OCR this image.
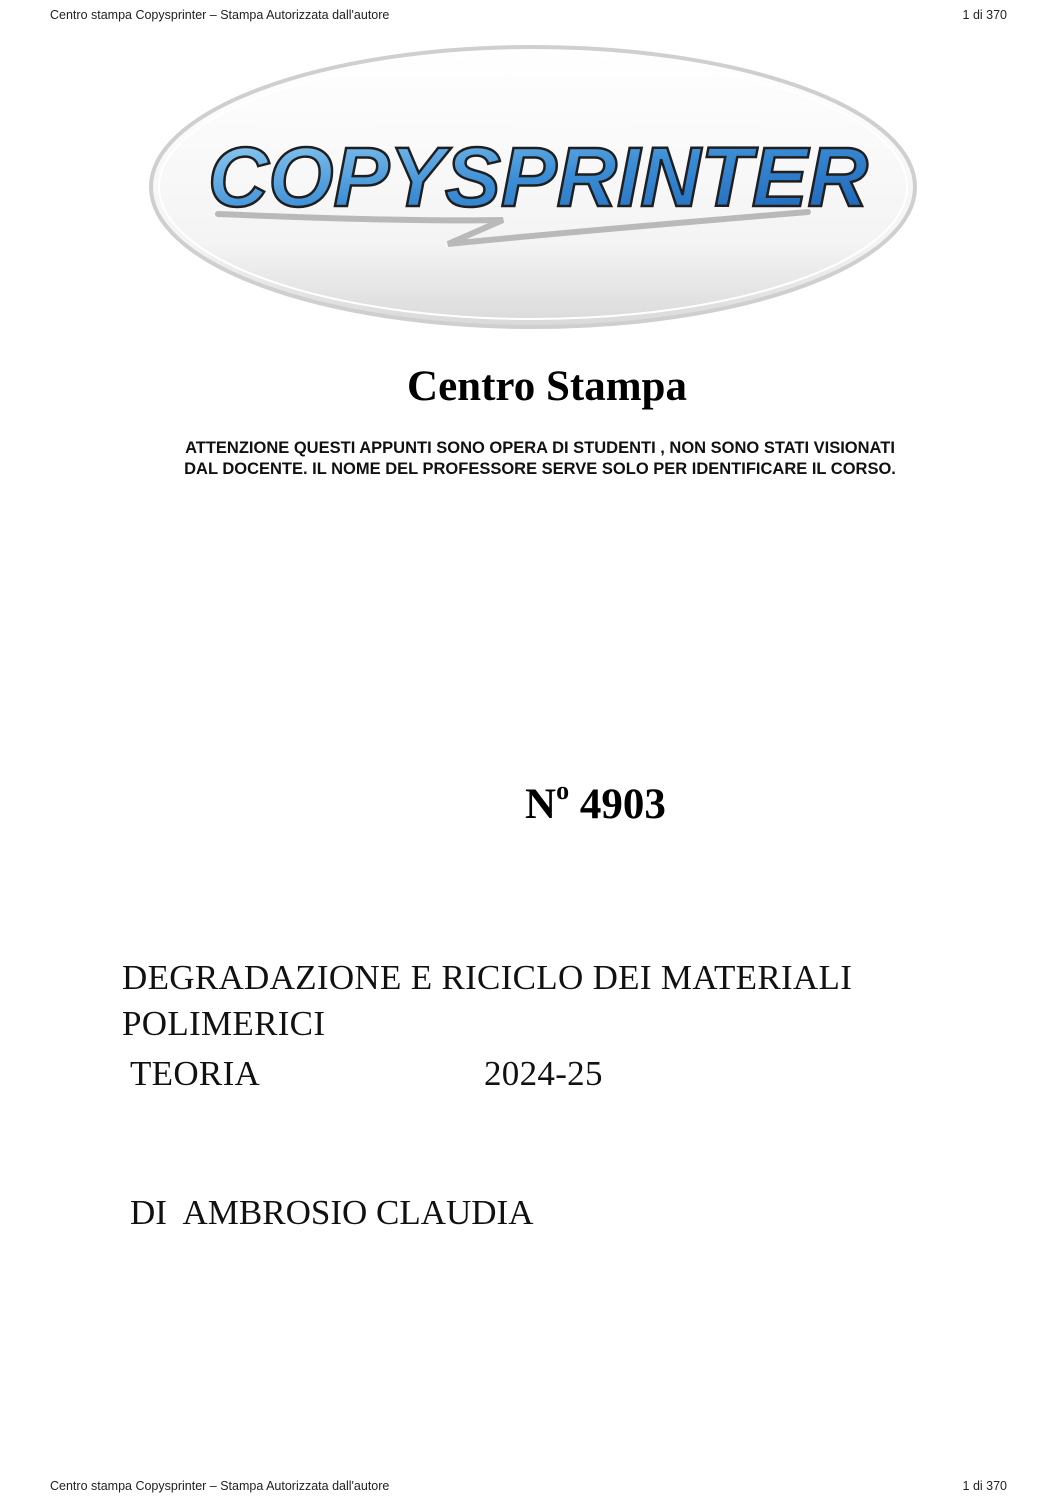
Centro stampa Copysprinter – Stampa Autorizzata dall'autore	1 di 370
COPYSPRINTER
Centro Stampa
ATTENZIONE QUESTI APPUNTI SONO OPERA DI STUDENTI , NON SONO STATI VISIONATI
DAL DOCENTE. IL NOME DEL PROFESSORE SERVE SOLO PER IDENTIFICARE IL CORSO.
$N^o$ 4903
DEGRADAZIONE E RICICLO DEI MATERIALI
POLIMERICI
TEORIA	2024-25
DI  AMBROSIO CLAUDIA
Centro stampa Copysprinter – Stampa Autorizzata dall'autore	1 di 370
